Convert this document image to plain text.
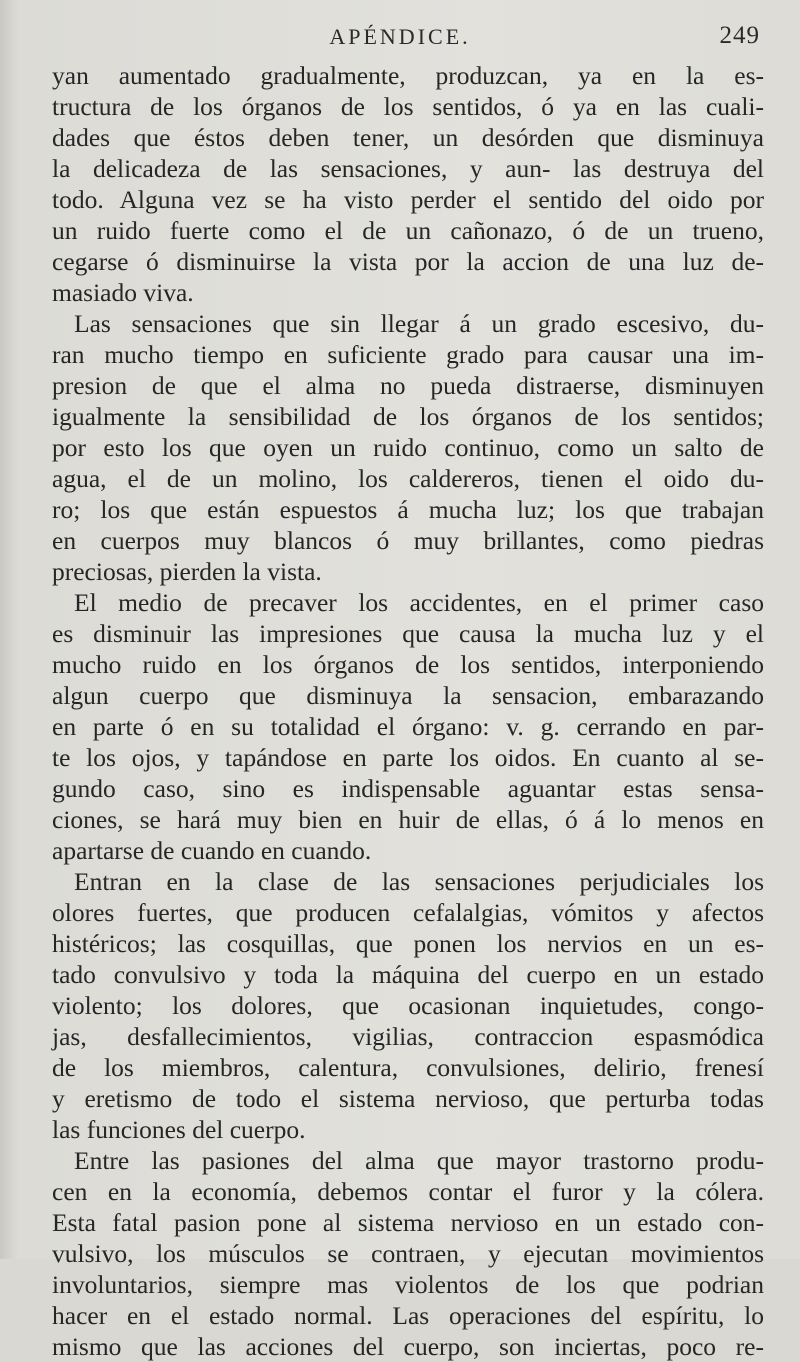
APÉNDICE.	249
yan aumentado gradualmente, produzcan, ya en la es-
tructura de los órganos de los sentidos, ó ya en las cuali-
dades que éstos deben tener, un desórden que disminuya
la delicadeza de las sensaciones, y aun- las destruya del
todo. Alguna vez se ha visto perder el sentido del oido por
un ruido fuerte como el de un cañonazo, ó de un trueno,
cegarse ó disminuirse la vista por la accion de una luz de-
masiado viva.
Las sensaciones que sin llegar á un grado escesivo, du-
ran mucho tiempo en suficiente grado para causar una im-
presion de que el alma no pueda distraerse, disminuyen
igualmente la sensibilidad de los órganos de los sentidos;
por esto los que oyen un ruido continuo, como un salto de
agua, el de un molino, los caldereros, tienen el oido du-
ro; los que están espuestos á mucha luz; los que trabajan
en cuerpos muy blancos ó muy brillantes, como piedras
preciosas, pierden la vista.
El medio de precaver los accidentes, en el primer caso
es disminuir las impresiones que causa la mucha luz y el
mucho ruido en los órganos de los sentidos, interponiendo
algun cuerpo que disminuya la sensacion, embarazando
en parte ó en su totalidad el órgano: v. g. cerrando en par-
te los ojos, y tapándose en parte los oidos. En cuanto al se-
gundo caso, sino es indispensable aguantar estas sensa-
ciones, se hará muy bien en huir de ellas, ó á lo menos en
apartarse de cuando en cuando.
Entran en la clase de las sensaciones perjudiciales los
olores fuertes, que producen cefalalgias, vómitos y afectos
histéricos; las cosquillas, que ponen los nervios en un es-
tado convulsivo y toda la máquina del cuerpo en un estado
violento; los dolores, que ocasionan inquietudes, congo-
jas, desfallecimientos, vigilias, contraccion espasmódica
de los miembros, calentura, convulsiones, delirio, frenesí
y eretismo de todo el sistema nervioso, que perturba todas
las funciones del cuerpo.
Entre las pasiones del alma que mayor trastorno produ-
cen en la economía, debemos contar el furor y la cólera.
Esta fatal pasion pone al sistema nervioso en un estado con-
vulsivo, los músculos se contraen, y ejecutan movimientos
involuntarios, siempre mas violentos de los que podrian
hacer en el estado normal. Las operaciones del espíritu, lo
mismo que las acciones del cuerpo, son inciertas, poco re-
